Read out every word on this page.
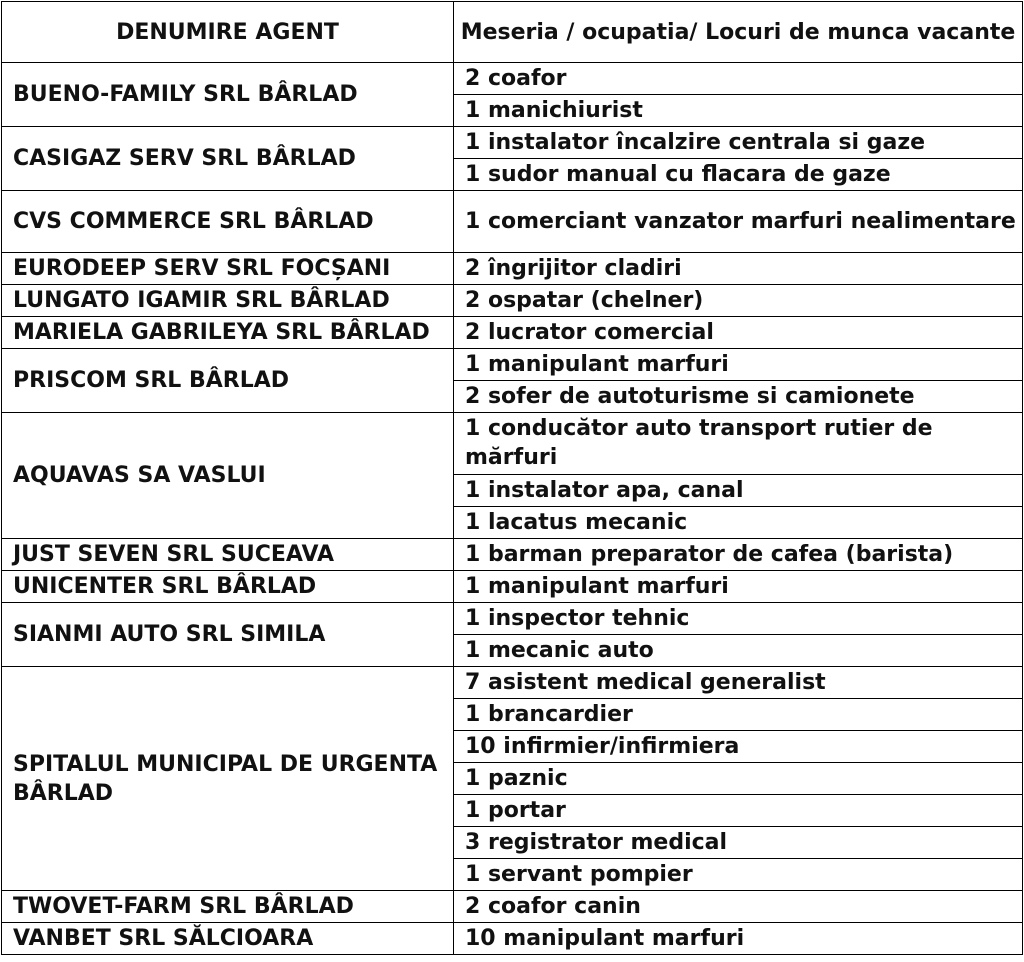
DENUMIRE AGENT	Meseria / ocupatia/ Locuri de munca vacante
BUENO-FAMILY SRL BÂRLAD	2 coafor
	1 manichiurist
CASIGAZ SERV SRL BÂRLAD	1 instalator încalzire centrala si gaze
	1 sudor manual cu flacara de gaze
CVS COMMERCE SRL BÂRLAD	1 comerciant vanzator marfuri nealimentare
EURODEEP SERV SRL FOCȘANI	2 îngrijitor cladiri
LUNGATO IGAMIR SRL BÂRLAD	2 ospatar (chelner)
MARIELA GABRILEYA SRL BÂRLAD	2 lucrator comercial
PRISCOM SRL BÂRLAD	1 manipulant marfuri
	2 sofer de autoturisme si camionete
AQUAVAS SA VASLUI	1 conducător auto transport rutier de mărfuri
	1 instalator apa, canal
	1 lacatus mecanic
JUST SEVEN SRL SUCEAVA	1 barman preparator de cafea (barista)
UNICENTER SRL BÂRLAD	1 manipulant marfuri
SIANMI AUTO SRL SIMILA	1 inspector tehnic
	1 mecanic auto
SPITALUL MUNICIPAL DE URGENTA BÂRLAD	7 asistent medical generalist
	1 brancardier
	10 infirmier/infirmiera
	1 paznic
	1 portar
	3 registrator medical
	1 servant pompier
TWOVET-FARM SRL BÂRLAD	2 coafor canin
VANBET SRL SĂLCIOARA	10 manipulant marfuri
